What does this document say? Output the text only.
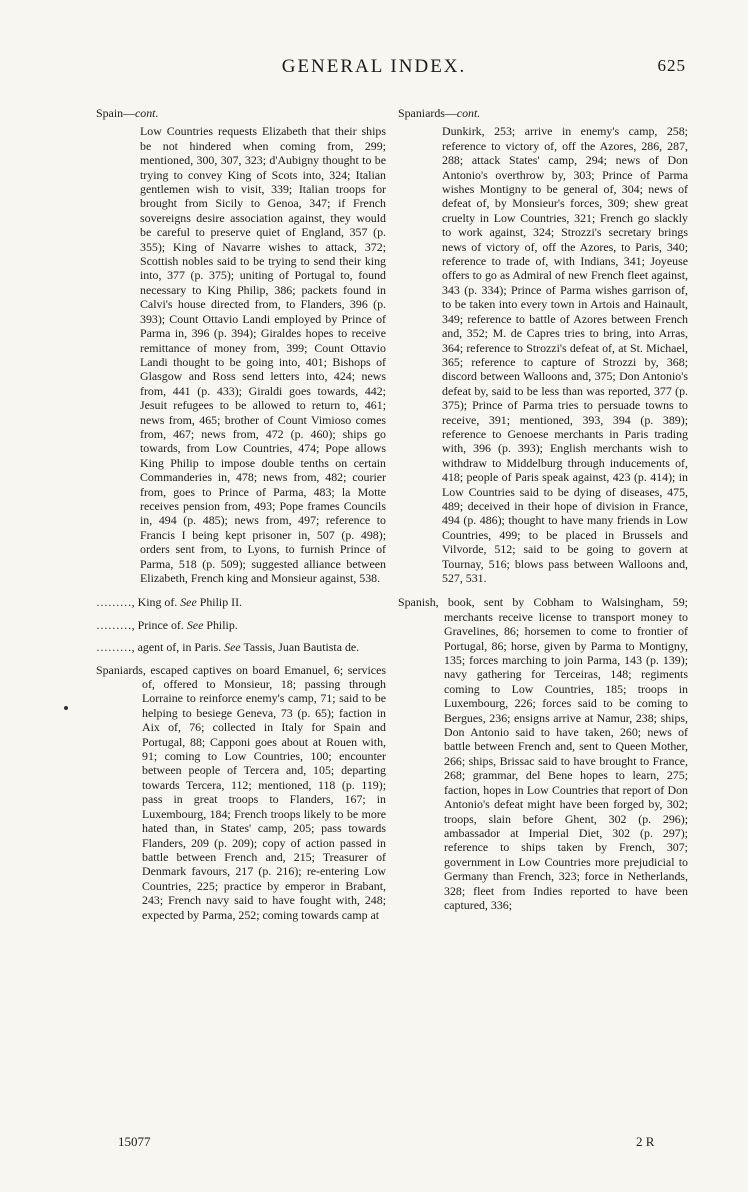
GENERAL INDEX.	625

Spain—cont.

Low Countries requests Elizabeth that their ships be not hindered when coming from, 299; mentioned, 300, 307, 323; d'Aubigny thought to be trying to convey King of Scots into, 324; Italian gentlemen wish to visit, 339; Italian troops for brought from Sicily to Genoa, 347; if French sovereigns desire association against, they would be careful to preserve quiet of England, 357 (p. 355); King of Navarre wishes to attack, 372; Scottish nobles said to be trying to send their king into, 377 (p. 375); uniting of Portugal to, found necessary to King Philip, 386; packets found in Calvi's house directed from, to Flanders, 396 (p. 393); Count Ottavio Landi employed by Prince of Parma in, 396 (p. 394); Giraldes hopes to receive remittance of money from, 399; Count Ottavio Landi thought to be going into, 401; Bishops of Glasgow and Ross send letters into, 424; news from, 441 (p. 433); Giraldi goes towards, 442; Jesuit refugees to be allowed to return to, 461; news from, 465; brother of Count Vimioso comes from, 467; news from, 472 (p. 460); ships go towards, from Low Countries, 474; Pope allows King Philip to impose double tenths on certain Commanderies in, 478; news from, 482; courier from, goes to Prince of Parma, 483; la Motte receives pension from, 493; Pope frames Councils in, 494 (p. 485); news from, 497; reference to Francis I being kept prisoner in, 507 (p. 498); orders sent from, to Lyons, to furnish Prince of Parma, 518 (p. 509); suggested alliance between Elizabeth, French king and Monsieur against, 538.

………, King of. See Philip II.

………, Prince of. See Philip.

………, agent of, in Paris. See Tassis, Juan Bautista de.

Spaniards, escaped captives on board Emanuel, 6; services of, offered to Monsieur, 18; passing through Lorraine to reinforce enemy's camp, 71; said to be helping to besiege Geneva, 73 (p. 65); faction in Aix of, 76; collected in Italy for Spain and Portugal, 88; Capponi goes about at Rouen with, 91; coming to Low Countries, 100; encounter between people of Tercera and, 105; departing towards Tercera, 112; mentioned, 118 (p. 119); pass in great troops to Flanders, 167; in Luxembourg, 184; French troops likely to be more hated than, in States' camp, 205; pass towards Flanders, 209 (p. 209); copy of action passed in battle between French and, 215; Treasurer of Denmark favours, 217 (p. 216); re-entering Low Countries, 225; practice by emperor in Brabant, 243; French navy said to have fought with, 248; expected by Parma, 252; coming towards camp at

Spaniards—cont.

Dunkirk, 253; arrive in enemy's camp, 258; reference to victory of, off the Azores, 286, 287, 288; attack States' camp, 294; news of Don Antonio's overthrow by, 303; Prince of Parma wishes Montigny to be general of, 304; news of defeat of, by Monsieur's forces, 309; shew great cruelty in Low Countries, 321; French go slackly to work against, 324; Strozzi's secretary brings news of victory of, off the Azores, to Paris, 340; reference to trade of, with Indians, 341; Joyeuse offers to go as Admiral of new French fleet against, 343 (p. 334); Prince of Parma wishes garrison of, to be taken into every town in Artois and Hainault, 349; reference to battle of Azores between French and, 352; M. de Capres tries to bring, into Arras, 364; reference to Strozzi's defeat of, at St. Michael, 365; reference to capture of Strozzi by, 368; discord between Walloons and, 375; Don Antonio's defeat by, said to be less than was reported, 377 (p. 375); Prince of Parma tries to persuade towns to receive, 391; mentioned, 393, 394 (p. 389); reference to Genoese merchants in Paris trading with, 396 (p. 393); English merchants wish to withdraw to Middelburg through inducements of, 418; people of Paris speak against, 423 (p. 414); in Low Countries said to be dying of diseases, 475, 489; deceived in their hope of division in France, 494 (p. 486); thought to have many friends in Low Countries, 499; to be placed in Brussels and Vilvorde, 512; said to be going to govern at Tournay, 516; blows pass between Walloons and, 527, 531.

Spanish, book, sent by Cobham to Walsingham, 59; merchants receive license to transport money to Gravelines, 86; horsemen to come to frontier of Portugal, 86; horse, given by Parma to Montigny, 135; forces marching to join Parma, 143 (p. 139); navy gathering for Terceiras, 148; regiments coming to Low Countries, 185; troops in Luxembourg, 226; forces said to be coming to Bergues, 236; ensigns arrive at Namur, 238; ships, Don Antonio said to have taken, 260; news of battle between French and, sent to Queen Mother, 266; ships, Brissac said to have brought to France, 268; grammar, del Bene hopes to learn, 275; faction, hopes in Low Countries that report of Don Antonio's defeat might have been forged by, 302; troops, slain before Ghent, 302 (p. 296); ambassador at Imperial Diet, 302 (p. 297); reference to ships taken by French, 307; government in Low Countries more prejudicial to Germany than French, 323; force in Netherlands, 328; fleet from Indies reported to have been captured, 336;

15077	2 R
